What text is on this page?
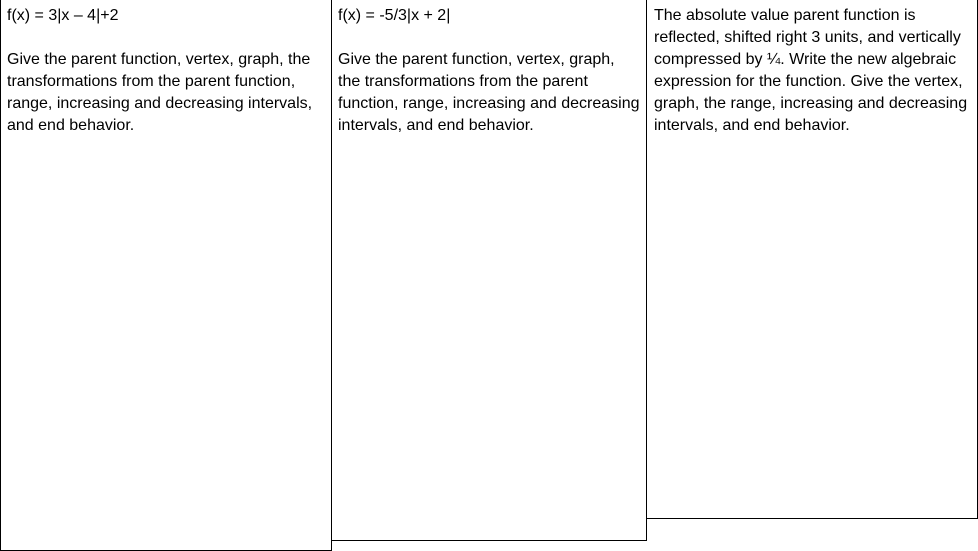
f(x) = 3|x – 4|+2

Give the parent function, vertex, graph, the transformations from the parent function, range, increasing and decreasing intervals, and end behavior.

f(x) = -5/3|x + 2|

Give the parent function, vertex, graph, the transformations from the parent function, range, increasing and decreasing intervals, and end behavior.

The absolute value parent function is reflected, shifted right 3 units, and vertically compressed by ¼. Write the new algebraic expression for the function. Give the vertex, graph, the range, increasing and decreasing intervals, and end behavior.
